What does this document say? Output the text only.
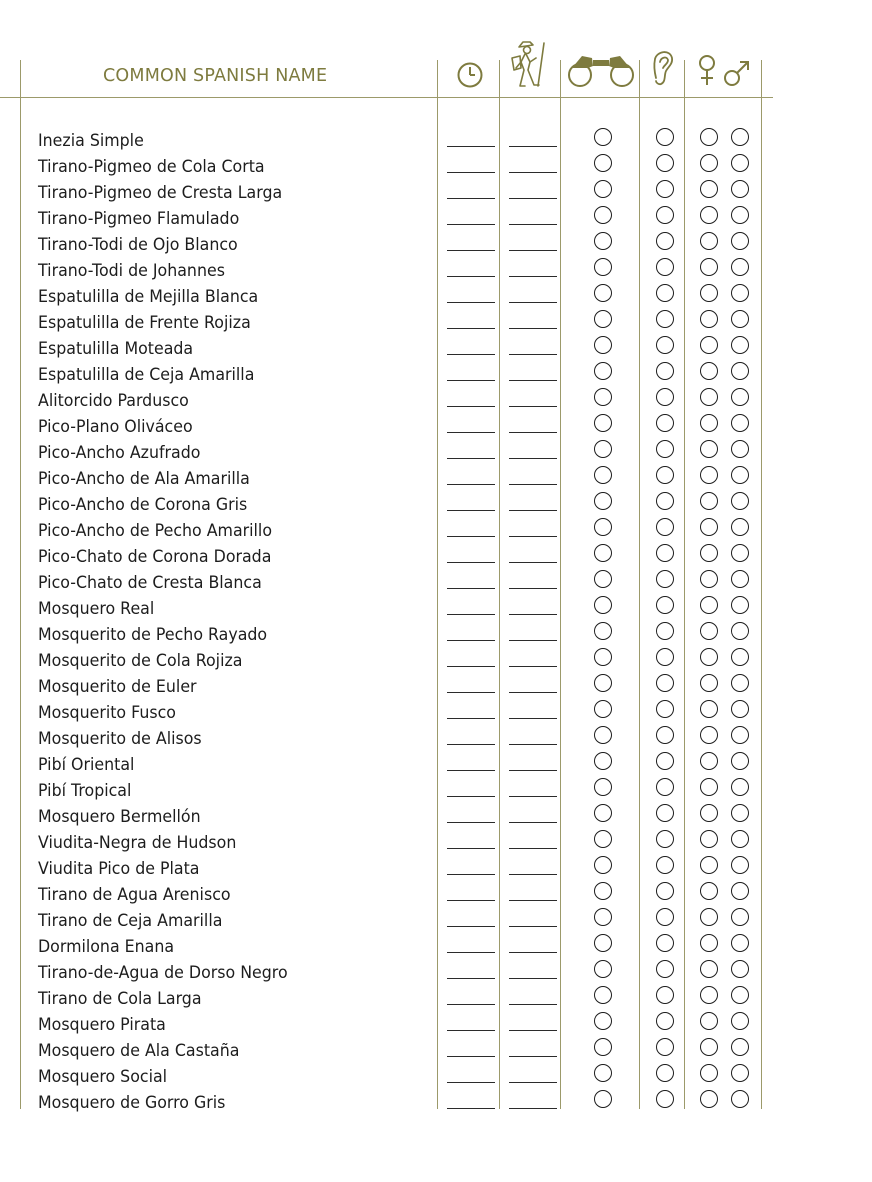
COMMON SPANISH NAME
Inezia Simple
Tirano-Pigmeo de Cola Corta
Tirano-Pigmeo de Cresta Larga
Tirano-Pigmeo Flamulado
Tirano-Todi de Ojo Blanco
Tirano-Todi de Johannes
Espatulilla de Mejilla Blanca
Espatulilla de Frente Rojiza
Espatulilla Moteada
Espatulilla de Ceja Amarilla
Alitorcido Pardusco
Pico-Plano Oliváceo
Pico-Ancho Azufrado
Pico-Ancho de Ala Amarilla
Pico-Ancho de Corona Gris
Pico-Ancho de Pecho Amarillo
Pico-Chato de Corona Dorada
Pico-Chato de Cresta Blanca
Mosquero Real
Mosquerito de Pecho Rayado
Mosquerito de Cola Rojiza
Mosquerito de Euler
Mosquerito Fusco
Mosquerito de Alisos
Pibí Oriental
Pibí Tropical
Mosquero Bermellón
Viudita-Negra de Hudson
Viudita Pico de Plata
Tirano de Agua Arenisco
Tirano de Ceja Amarilla
Dormilona Enana
Tirano-de-Agua de Dorso Negro
Tirano de Cola Larga
Mosquero Pirata
Mosquero de Ala Castaña
Mosquero Social
Mosquero de Gorro Gris
